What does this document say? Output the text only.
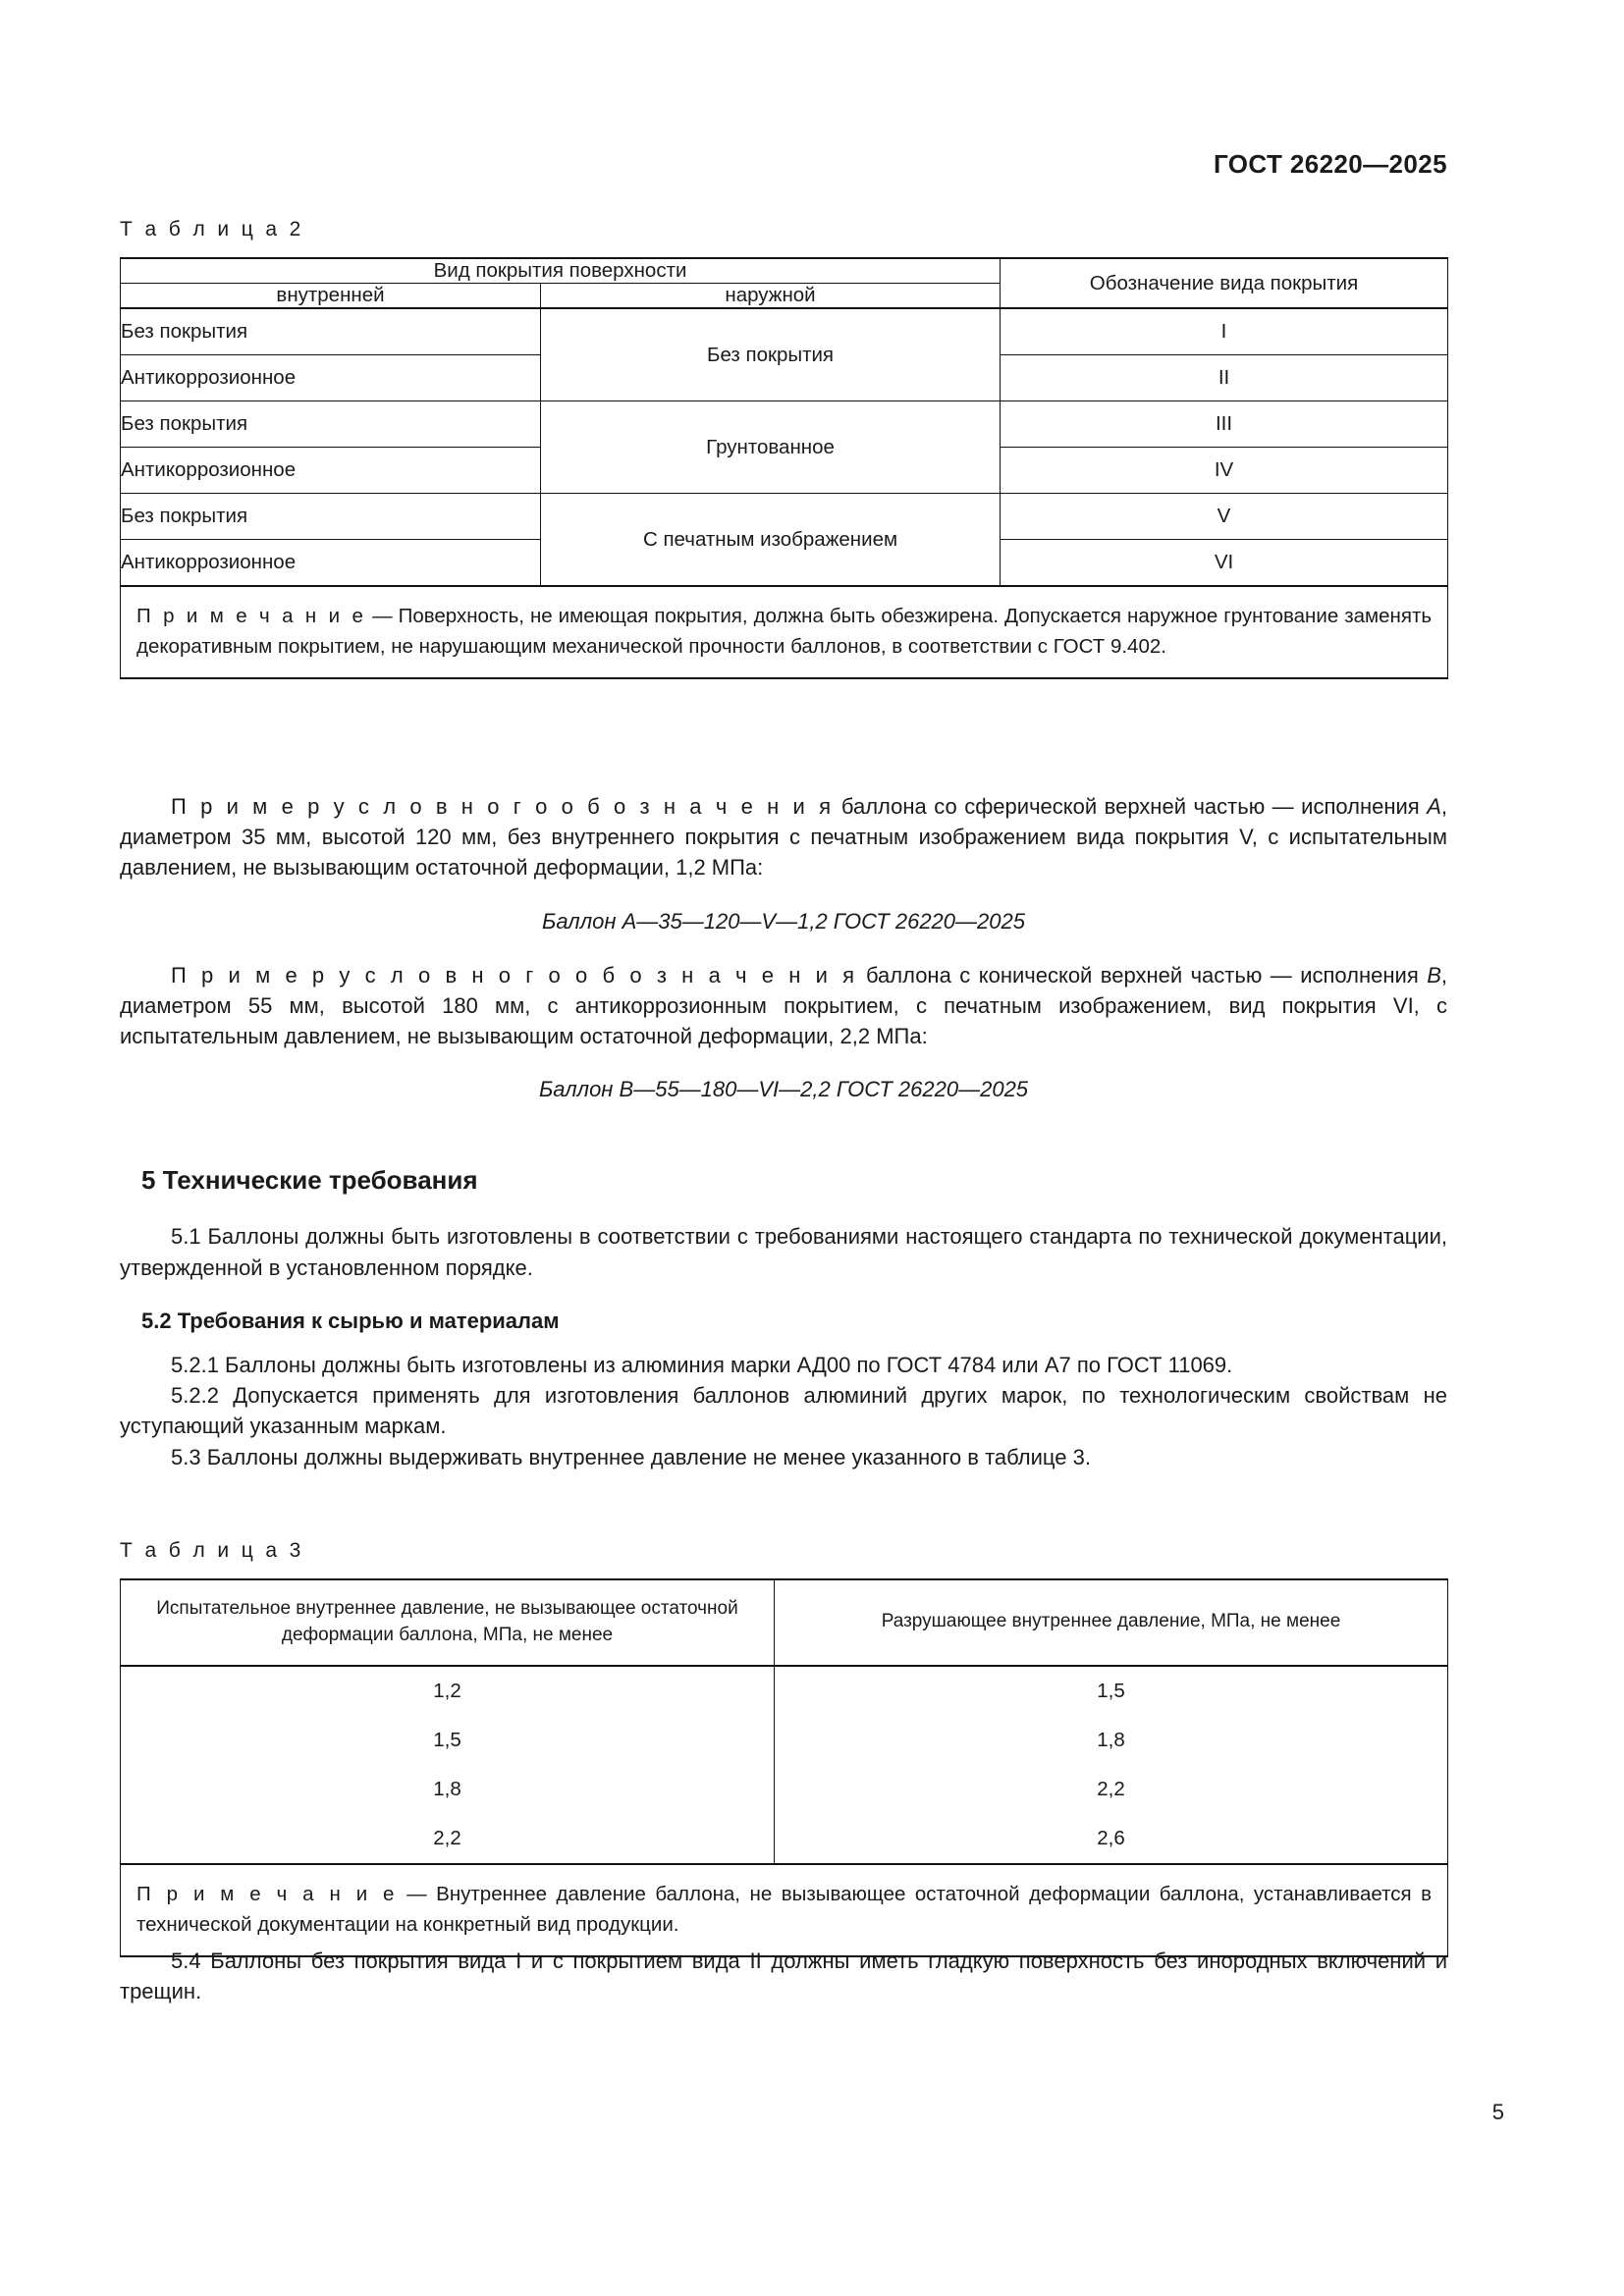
ГОСТ 26220—2025
Т а б л и ц а 2
Вид покрытия поверхности		Обозначение вида покрытия
внутренней	наружной	
Без покрытия	Без покрытия	I
Антикоррозионное		II
Без покрытия	Грунтованное	III
Антикоррозионное		IV
Без покрытия	С печатным изображением	V
Антикоррозионное		VI

П р и м е ч а н и е — Поверхность, не имеющая покрытия, должна быть обезжирена. Допускается наружное грунтование заменять декоративным покрытием, не нарушающим механической прочности баллонов, в соответствии с ГОСТ 9.402.		

П р и м е р у с л о в н о г о о б о з н а ч е н и я баллона со сферической верхней частью — исполнения А, диаметром 35 мм, высотой 120 мм, без внутреннего покрытия с печатным изображением вида покрытия V, с испытательным давлением, не вызывающим остаточной деформации, 1,2 МПа:

Баллон А—35—120—V—1,2 ГОСТ 26220—2025

П р и м е р у с л о в н о г о о б о з н а ч е н и я баллона с конической верхней частью — исполнения В, диаметром 55 мм, высотой 180 мм, с антикоррозионным покрытием, с печатным изображением, вид покрытия VI, с испытательным давлением, не вызывающим остаточной деформации, 2,2 МПа:

Баллон В—55—180—VI—2,2 ГОСТ 26220—2025

5 Технические требования

5.1 Баллоны должны быть изготовлены в соответствии с требованиями настоящего стандарта по технической документации, утвержденной в установленном порядке.

5.2 Требования к сырью и материалам

5.2.1 Баллоны должны быть изготовлены из алюминия марки АД00 по ГОСТ 4784 или А7 по ГОСТ 11069.

5.2.2 Допускается применять для изготовления баллонов алюминий других марок, по технологическим свойствам не уступающий указанным маркам.

5.3 Баллоны должны выдерживать внутреннее давление не менее указанного в таблице 3.

Т а б л и ц а 3
Испытательное внутреннее давление, не вызывающее остаточной деформации баллона, МПа, не менее	Разрушающее внутреннее давление, МПа, не менее
1,2	1,5
1,5	1,8
1,8	2,2
2,2	2,6

П р и м е ч а н и е — Внутреннее давление баллона, не вызывающее остаточной деформации баллона, устанавливается в технической документации на конкретный вид продукции.	

5.4 Баллоны без покрытия вида I и с покрытием вида II должны иметь гладкую поверхность без инородных включений и трещин.

5
